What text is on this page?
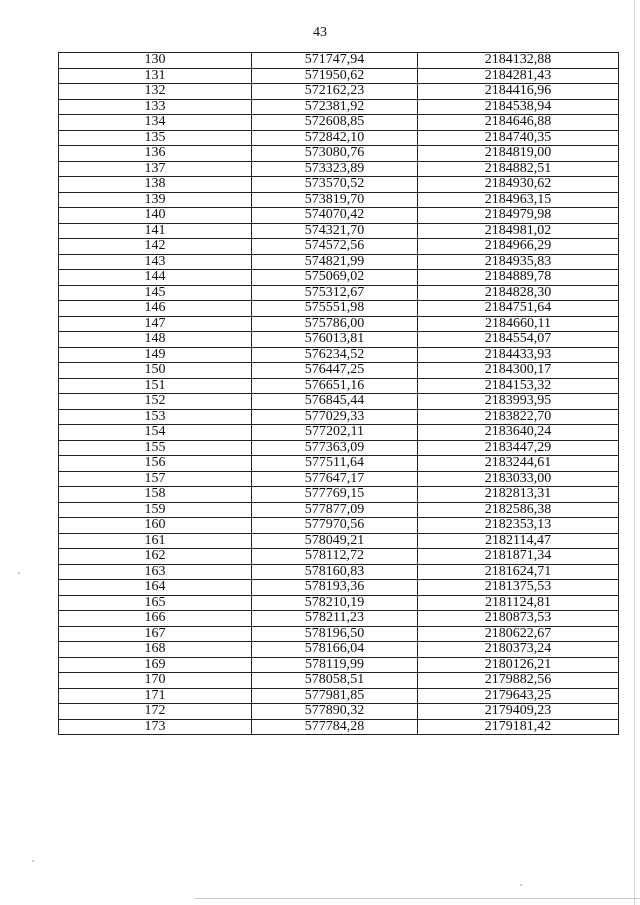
43
130	571747,94	2184132,88
131	571950,62	2184281,43
132	572162,23	2184416,96
133	572381,92	2184538,94
134	572608,85	2184646,88
135	572842,10	2184740,35
136	573080,76	2184819,00
137	573323,89	2184882,51
138	573570,52	2184930,62
139	573819,70	2184963,15
140	574070,42	2184979,98
141	574321,70	2184981,02
142	574572,56	2184966,29
143	574821,99	2184935,83
144	575069,02	2184889,78
145	575312,67	2184828,30
146	575551,98	2184751,64
147	575786,00	2184660,11
148	576013,81	2184554,07
149	576234,52	2184433,93
150	576447,25	2184300,17
151	576651,16	2184153,32
152	576845,44	2183993,95
153	577029,33	2183822,70
154	577202,11	2183640,24
155	577363,09	2183447,29
156	577511,64	2183244,61
157	577647,17	2183033,00
158	577769,15	2182813,31
159	577877,09	2182586,38
160	577970,56	2182353,13
161	578049,21	2182114,47
162	578112,72	2181871,34
163	578160,83	2181624,71
164	578193,36	2181375,53
165	578210,19	2181124,81
166	578211,23	2180873,53
167	578196,50	2180622,67
168	578166,04	2180373,24
169	578119,99	2180126,21
170	578058,51	2179882,56
171	577981,85	2179643,25
172	577890,32	2179409,23
173	577784,28	2179181,42
